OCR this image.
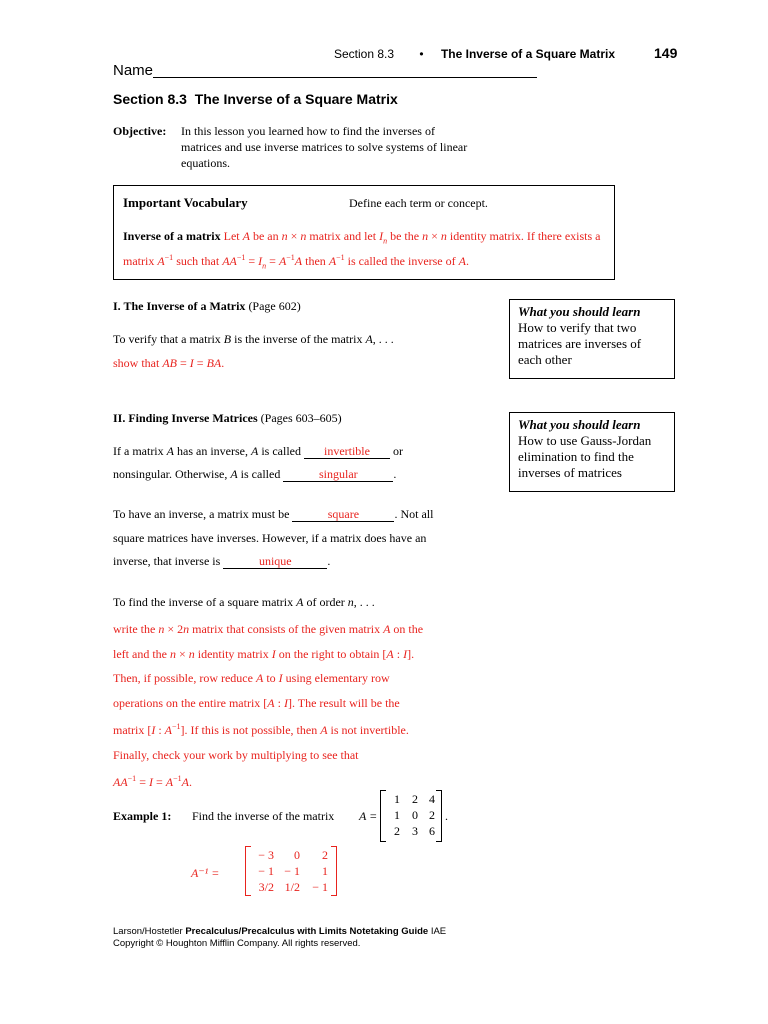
Section 8.3 • The Inverse of a Square Matrix	149
Name
Section 8.3  The Inverse of a Square Matrix
Objective: In this lesson you learned how to find the inverses of
matrices and use inverse matrices to solve systems of linear
equations.
Important Vocabulary	Define each term or concept.
Inverse of a matrix Let A be an n × n matrix and let $I_n$ be the n × n identity matrix. If there exists a matrix $A^{-1}$ such that $AA^{-1} = I_n = A^{-1}A$ then $A^{-1}$ is called the inverse of A.
I. The Inverse of a Matrix (Page 602)
To verify that a matrix B is the inverse of the matrix A, . . .
show that AB = I = BA.
What you should learn
How to verify that two
matrices are inverses of
each other
II. Finding Inverse Matrices (Pages 603–605)	What you should learn
How to use Gauss-Jordan
elimination to find the
inverses of matrices
If a matrix A has an inverse, A is called invertible or
nonsingular. Otherwise, A is called	singular	.
To have an inverse, a matrix must be	square	. Not all
square matrices have inverses. However, if a matrix does have an
inverse, that inverse is	unique	.
To find the inverse of a square matrix A of order n, . . .
write the n × 2n matrix that consists of the given matrix A on the
left and the n × n identity matrix I on the right to obtain [A : I].
Then, if possible, row reduce A to I using elementary row
operations on the entire matrix [A : I]. The result will be the
matrix [I : $A^{-1}$]. If this is not possible, then A is not invertible.
Finally, check your work by multiplying to see that
$AA^{-1} = I = A^{-1}A$.
Example 1: Find the inverse of the matrix A =
1	2 4
1	0 2
2	3 6
.
A⁻¹ =
− 3	0	2
− 1 − 1	1
3/2 1/2	− 1
Larson/Hostetler Precalculus/Precalculus with Limits Notetaking Guide IAE
Copyright © Houghton Mifflin Company. All rights reserved.
